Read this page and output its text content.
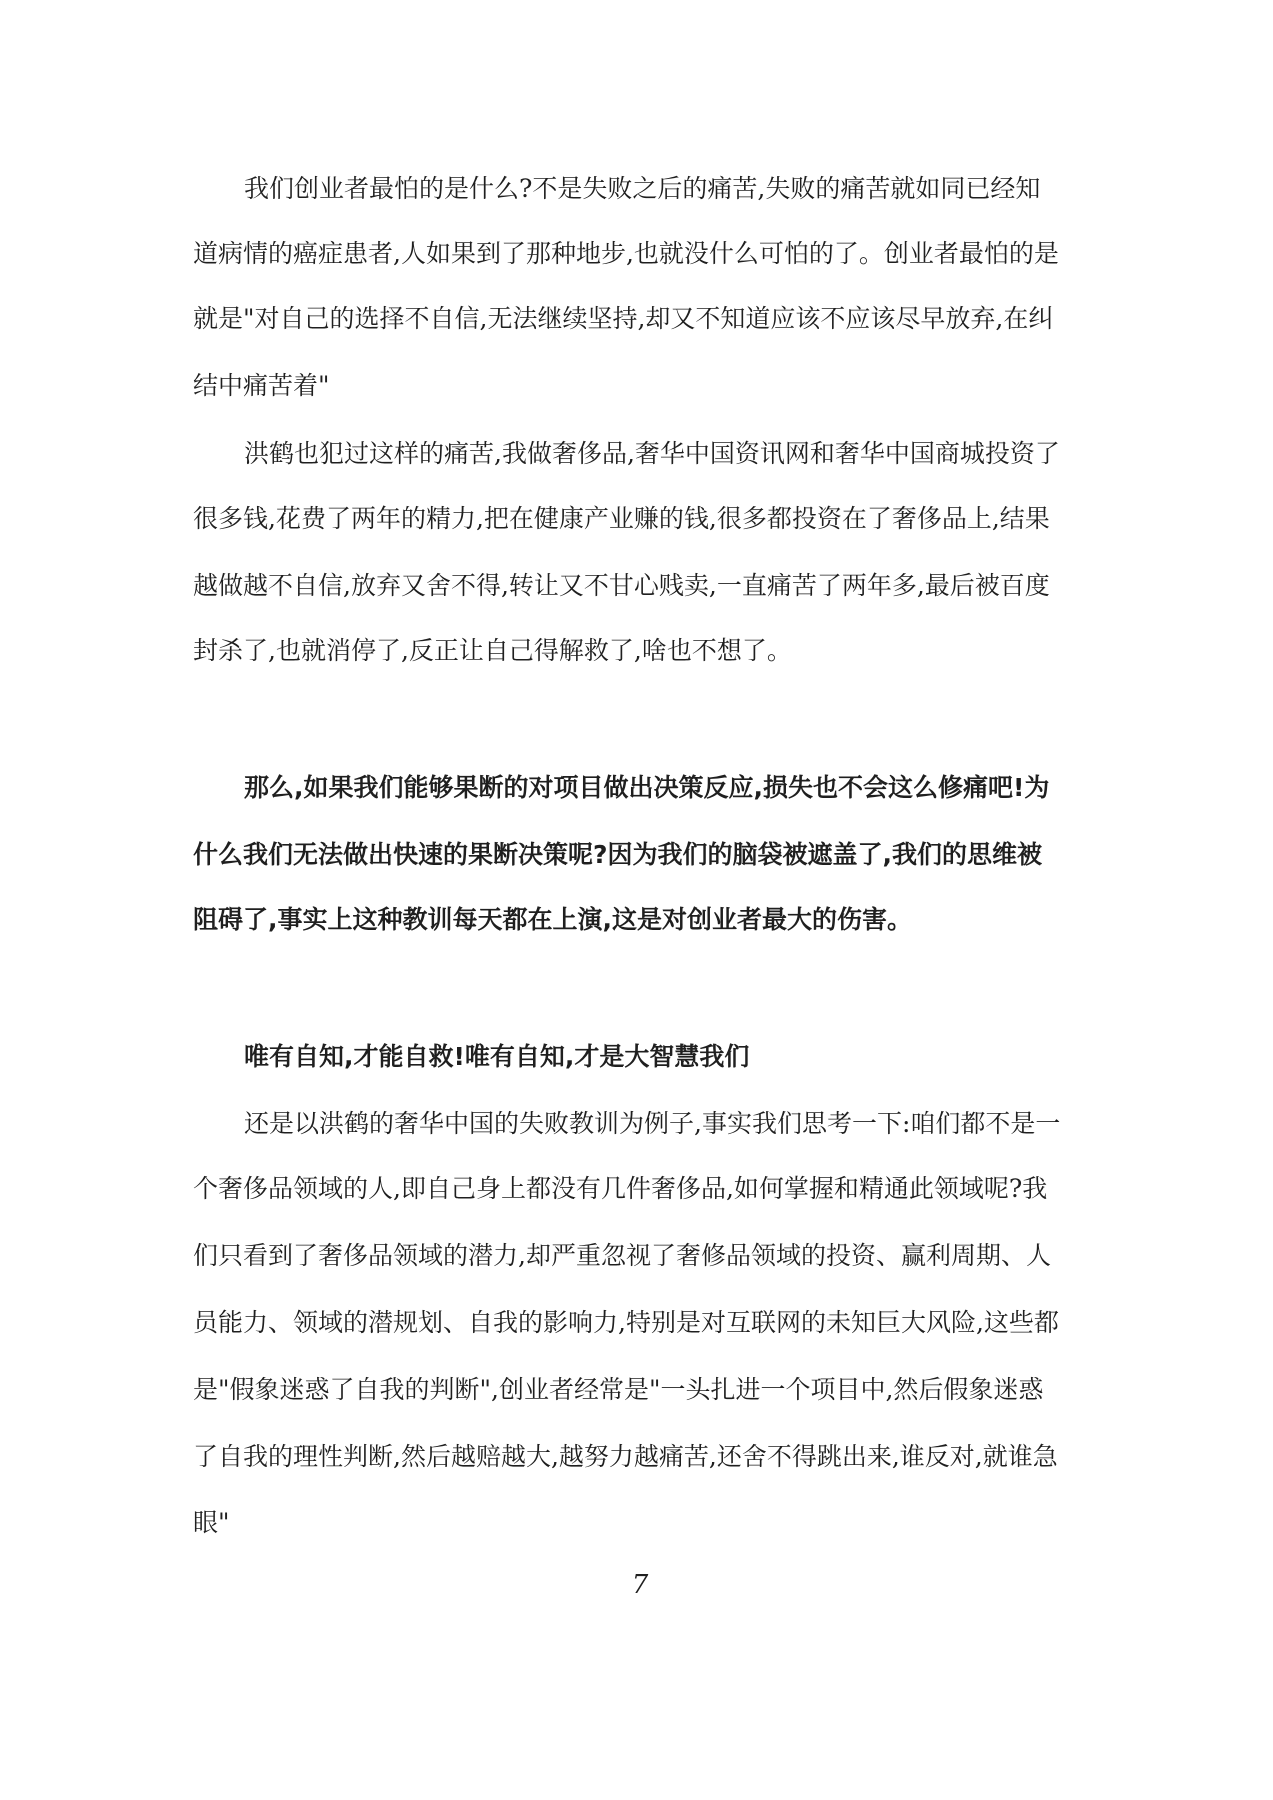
我们创业者最怕的是什么?不是失败之后的痛苦,失败的痛苦就如同已经知
道病情的癌症患者,人如果到了那种地步,也就没什么可怕的了。创业者最怕的是
就是"对自己的选择不自信,无法继续坚持,却又不知道应该不应该尽早放弃,在纠
结中痛苦着"
洪鹤也犯过这样的痛苦,我做奢侈品,奢华中国资讯网和奢华中国商城投资了
很多钱,花费了两年的精力,把在健康产业赚的钱,很多都投资在了奢侈品上,结果
越做越不自信,放弃又舍不得,转让又不甘心贱卖,一直痛苦了两年多,最后被百度
封杀了,也就消停了,反正让自己得解救了,啥也不想了。
那么,如果我们能够果断的对项目做出决策反应,损失也不会这么修痛吧!为
什么我们无法做出快速的果断决策呢?因为我们的脑袋被遮盖了,我们的思维被
阻碍了,事实上这种教训每天都在上演,这是对创业者最大的伤害。
唯有自知,才能自救!唯有自知,才是大智慧我们
还是以洪鹤的奢华中国的失败教训为例子,事实我们思考一下:咱们都不是一
个奢侈品领域的人,即自己身上都没有几件奢侈品,如何掌握和精通此领域呢?我
们只看到了奢侈品领域的潜力,却严重忽视了奢修品领域的投资、赢利周期、人
员能力、领域的潜规划、自我的影响力,特别是对互联网的未知巨大风险,这些都
是"假象迷惑了自我的判断",创业者经常是"一头扎进一个项目中,然后假象迷惑
了自我的理性判断,然后越赔越大,越努力越痛苦,还舍不得跳出来,谁反对,就谁急
眼"
7
